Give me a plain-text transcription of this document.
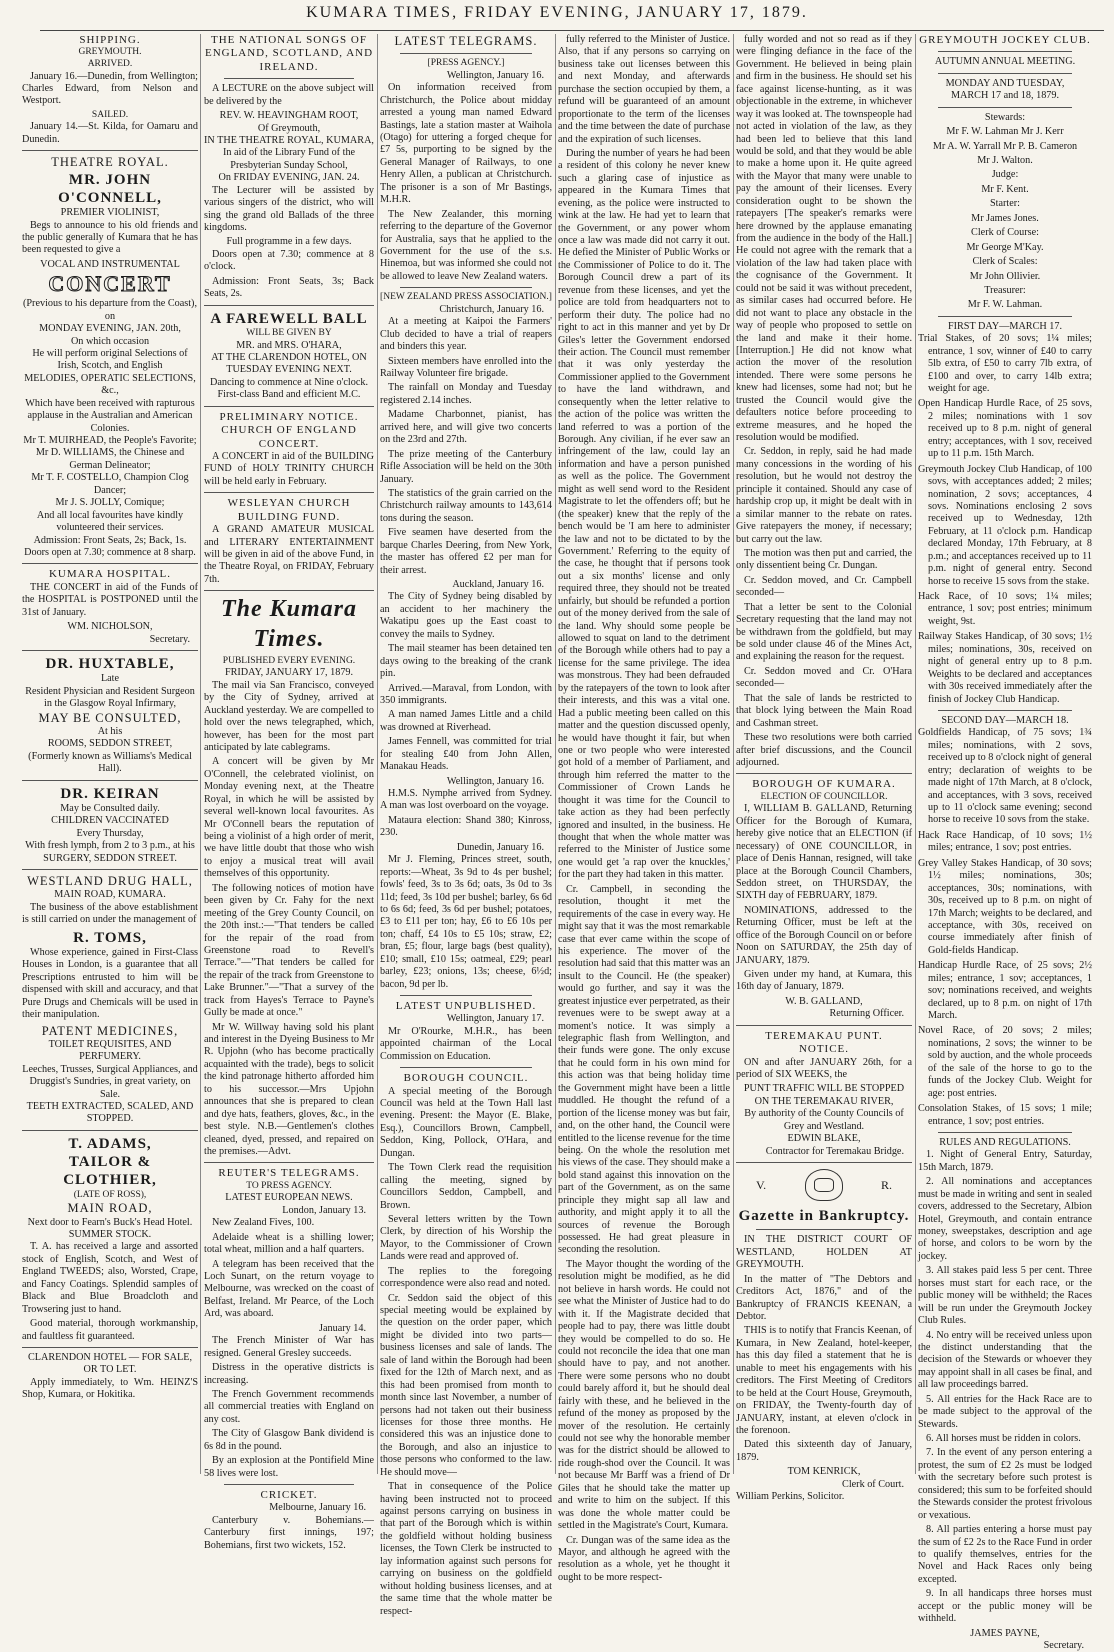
KUMARA TIMES, FRIDAY EVENING, JANUARY 17, 1879.
SHIPPING.
GREYMOUTH.
ARRIVED.

January 16.—Dunedin, from Wellington; Charles Edward, from Nelson and Westport.

SAILED.

January 14.—St. Kilda, for Oamaru and Dunedin.

THEATRE ROYAL.
MR. JOHN O'CONNELL,
PREMIER VIOLINIST,

Begs to announce to his old friends and the public generally of Kumara that he has been requested to give a

VOCAL AND INSTRUMENTAL
CONCERT
(Previous to his departure from the Coast), on
MONDAY EVENING, JAN. 20th,
On which occasion
He will perform original Selections of Irish, Scotch, and English
MELODIES, OPERATIC SELECTIONS, &c.,
Which have been received with rapturous applause in the Australian and American Colonies.
Mr T. MUIRHEAD, the People's Favorite;
Mr D. WILLIAMS, the Chinese and German Delineator;
Mr T. F. COSTELLO, Champion Clog Dancer;
Mr J. S. JOLLY, Comique;
And all local favourites have kindly volunteered their services.
Admission: Front Seats, 2s; Back, 1s.
Doors open at 7.30; commence at 8 sharp.
KUMARA HOSPITAL.

THE CONCERT in aid of the Funds of the HOSPITAL is POSTPONED until the 31st of January.

WM. NICHOLSON,
Secretary.
DR. HUXTABLE,
Late
Resident Physician and Resident Surgeon in the Glasgow Royal Infirmary,
MAY BE CONSULTED,
At his
ROOMS, SEDDON STREET,
(Formerly known as Williams's Medical Hall).
DR. KEIRAN
May be Consulted daily.
CHILDREN VACCINATED
Every Thursday,
With fresh lymph, from 2 to 3 p.m., at his
SURGERY, SEDDON STREET.
WESTLAND DRUG HALL,
MAIN ROAD, KUMARA.

The business of the above establishment is still carried on under the management of

R. TOMS,

Whose experience, gained in First-Class Houses in London, is a guarantee that all Prescriptions entrusted to him will be dispensed with skill and accuracy, and that Pure Drugs and Chemicals will be used in their manipulation.

PATENT MEDICINES,
TOILET REQUISITES, AND PERFUMERY.
Leeches, Trusses, Surgical Appliances, and Druggist's Sundries, in great variety, on Sale.
TEETH EXTRACTED, SCALED, AND STOPPED.
T. ADAMS,
TAILOR & CLOTHIER,
(LATE OF ROSS),
MAIN ROAD,
Next door to Fearn's Buck's Head Hotel.
SUMMER STOCK.

T. A. has received a large and assorted stock of English, Scotch, and West of England TWEEDS; also, Worsted, Crape, and Fancy Coatings. Splendid samples of Black and Blue Broadcloth and Trowsering just to hand.

Good material, thorough workmanship, and faultless fit guaranteed.

CLARENDON HOTEL — FOR SALE, OR TO LET.

Apply immediately, to Wm. HEINZ'S Shop, Kumara, or Hokitika.

THE NATIONAL SONGS OF ENGLAND, SCOTLAND, AND IRELAND.

A LECTURE on the above subject will be delivered by the

REV. W. HEAVINGHAM ROOT,
Of Greymouth,
IN THE THEATRE ROYAL, KUMARA,
In aid of the Library Fund of the Presbyterian Sunday School,
On FRIDAY EVENING, JAN. 24.

The Lecturer will be assisted by various singers of the district, who will sing the grand old Ballads of the three kingdoms.

Full programme in a few days.

Doors open at 7.30; commence at 8 o'clock.

Admission: Front Seats, 3s; Back Seats, 2s.

A FAREWELL BALL
WILL BE GIVEN BY
MR. and MRS. O'HARA,
AT THE CLARENDON HOTEL, ON
TUESDAY EVENING NEXT.
Dancing to commence at Nine o'clock.
First-class Band and efficient M.C.
PRELIMINARY NOTICE.
CHURCH OF ENGLAND CONCERT.

A CONCERT in aid of the BUILDING FUND of HOLY TRINITY CHURCH will be held early in February.

WESLEYAN CHURCH BUILDING FUND.

A GRAND AMATEUR MUSICAL and LITERARY ENTERTAINMENT will be given in aid of the above Fund, in the Theatre Royal, on FRIDAY, February 7th.

The Kumara Times.
PUBLISHED EVERY EVENING.
FRIDAY, JANUARY 17, 1879.

The mail via San Francisco, conveyed by the City of Sydney, arrived at Auckland yesterday. We are compelled to hold over the news telegraphed, which, however, has been for the most part anticipated by late cablegrams.

A concert will be given by Mr O'Connell, the celebrated violinist, on Monday evening next, at the Theatre Royal, in which he will be assisted by several well-known local favourites. As Mr O'Connell bears the reputation of being a violinist of a high order of merit, we have little doubt that those who wish to enjoy a musical treat will avail themselves of this opportunity.

The following notices of motion have been given by Cr. Fahy for the next meeting of the Grey County Council, on the 20th inst.:—"That tenders be called for the repair of the road from Greenstone road to Revell's Terrace."—"That tenders be called for the repair of the track from Greenstone to Lake Brunner."—"That a survey of the track from Hayes's Terrace to Payne's Gully be made at once."

Mr W. Willway having sold his plant and interest in the Dyeing Business to Mr R. Upjohn (who has become practically acquainted with the trade), begs to solicit the kind patronage hitherto afforded him to his successor.—Mrs Upjohn announces that she is prepared to clean and dye hats, feathers, gloves, &c., in the best style. N.B.—Gentlemen's clothes cleaned, dyed, pressed, and repaired on the premises.—Advt.

REUTER'S TELEGRAMS.
TO PRESS AGENCY.
LATEST EUROPEAN NEWS.
London, January 13.

New Zealand Fives, 100.

Adelaide wheat is a shilling lower; total wheat, million and a half quarters.

A telegram has been received that the Loch Sunart, on the return voyage to Melbourne, was wrecked on the coast of Belfast, Ireland. Mr Pearce, of the Loch Ard, was aboard.

January 14.

The French Minister of War has resigned. General Gresley succeeds.

Distress in the operative districts is increasing.

The French Government recommends all commercial treaties with England on any cost.

The City of Glasgow Bank dividend is 6s 8d in the pound.

By an explosion at the Pontifield Mine 58 lives were lost.

CRICKET.
Melbourne, January 16.

Canterbury v. Bohemians.—Canterbury first innings, 197; Bohemians, first two wickets, 152.

LATEST TELEGRAMS.
[PRESS AGENCY.]
Wellington, January 16.

On information received from Christchurch, the Police about midday arrested a young man named Edward Bastings, late a station master at Waihola (Otago) for uttering a forged cheque for £7 5s, purporting to be signed by the General Manager of Railways, to one Henry Allen, a publican at Christchurch. The prisoner is a son of Mr Bastings, M.H.R.

The New Zealander, this morning referring to the departure of the Governor for Australia, says that he applied to the Government for the use of the s.s. Hinemoa, but was informed she could not be allowed to leave New Zealand waters.

[NEW ZEALAND PRESS ASSOCIATION.]
Christchurch, January 16.

At a meeting at Kaipoi the Farmers' Club decided to have a trial of reapers and binders this year.

Sixteen members have enrolled into the Railway Volunteer fire brigade.

The rainfall on Monday and Tuesday registered 2.14 inches.

Madame Charbonnet, pianist, has arrived here, and will give two concerts on the 23rd and 27th.

The prize meeting of the Canterbury Rifle Association will be held on the 30th January.

The statistics of the grain carried on the Christchurch railway amounts to 143,614 tons during the season.

Five seamen have deserted from the barque Charles Deering, from New York, the master has offered £2 per man for their arrest.

Auckland, January 16.

The City of Sydney being disabled by an accident to her machinery the Wakatipu goes up the East coast to convey the mails to Sydney.

The mail steamer has been detained ten days owing to the breaking of the crank pin.

Arrived.—Maraval, from London, with 350 immigrants.

A man named James Little and a child was drowned at Riverhead.

James Fennell, was committed for trial for stealing £40 from John Allen, Manakau Heads.

Wellington, January 16.

H.M.S. Nymphe arrived from Sydney. A man was lost overboard on the voyage.

Mataura election: Shand 380; Kinross, 230.

Dunedin, January 16.

Mr J. Fleming, Princes street, south, reports:—Wheat, 3s 9d to 4s per bushel; fowls' feed, 3s to 3s 6d; oats, 3s 0d to 3s 11d; feed, 3s 10d per bushel; barley, 6s 6d to 6s 6d; feed, 3s 6d per bushel; potatoes, £3 to £11 per ton; hay, £6 to £6 10s per ton; chaff, £4 10s to £5 10s; straw, £2; bran, £5; flour, large bags (best quality), £10; small, £10 15s; oatmeal, £29; pearl barley, £23; onions, 13s; cheese, 6½d; bacon, 9d per lb.

LATEST UNPUBLISHED.
Wellington, January 17.

Mr O'Rourke, M.H.R., has been appointed chairman of the Local Commission on Education.

BOROUGH COUNCIL.

A special meeting of the Borough Council was held at the Town Hall last evening. Present: the Mayor (E. Blake, Esq.), Councillors Brown, Campbell, Seddon, King, Pollock, O'Hara, and Dungan.

The Town Clerk read the requisition calling the meeting, signed by Councillors Seddon, Campbell, and Brown.

Several letters written by the Town Clerk, by direction of his Worship the Mayor, to the Commissioner of Crown Lands were read and approved of.

The replies to the foregoing correspondence were also read and noted.

Cr. Seddon said the object of this special meeting would be explained by the question on the order paper, which might be divided into two parts—business licenses and sale of lands. The sale of land within the Borough had been fixed for the 12th of March next, and as this had been promised from month to month since last November, a number of persons had not taken out their business licenses for those three months. He considered this was an injustice done to the Borough, and also an injustice to those persons who conformed to the law. He should move—

That in consequence of the Police having been instructed not to proceed against persons carrying on business in that part of the Borough which is within the goldfield without holding business licenses, the Town Clerk be instructed to lay information against such persons for carrying on business on the goldfield without holding business licenses, and at the same time that the whole matter be respect-

fully referred to the Minister of Justice. Also, that if any persons so carrying on business take out licenses between this and next Monday, and afterwards purchase the section occupied by them, a refund will be guaranteed of an amount proportionate to the term of the licenses and the time between the date of purchase and the expiration of such licenses.

During the number of years he had been a resident of this colony he never knew such a glaring case of injustice as appeared in the Kumara Times that evening, as the police were instructed to wink at the law. He had yet to learn that the Government, or any power whom once a law was made did not carry it out. He defied the Minister of Public Works or the Commissioner of Police to do it. The Borough Council drew a part of its revenue from these licenses, and yet the police are told from headquarters not to perform their duty. The police had no right to act in this manner and yet by Dr Giles's letter the Government endorsed their action. The Council must remember that it was only yesterday the Commissioner applied to the Government to have the land withdrawn, and consequently when the letter relative to the action of the police was written the land referred to was a portion of the Borough. Any civilian, if he ever saw an infringement of the law, could lay an information and have a person punished as well as the police. The Government might as well send word to the Resident Magistrate to let the offenders off; but he (the speaker) knew that the reply of the bench would be 'I am here to administer the law and not to be dictated to by the Government.' Referring to the equity of the case, he thought that if persons took out a six months' license and only required three, they should not be treated unfairly, but should be refunded a portion out of the money derived from the sale of the land. Why should some people be allowed to squat on land to the detriment of the Borough while others had to pay a license for the same privilege. The idea was monstrous. They had been defrauded by the ratepayers of the town to look after their interests, and this was a vital one. Had a public meeting been called on this matter and the question discussed openly, he would have thought it fair, but when one or two people who were interested got hold of a member of Parliament, and through him referred the matter to the Commissioner of Crown Lands he thought it was time for the Council to take action as they had been perfectly ignored and insulted, in the business. He thought that when the whole matter was referred to the Minister of Justice some one would get 'a rap over the knuckles,' for the part they had taken in this matter.

Cr. Campbell, in seconding the resolution, thought it met the requirements of the case in every way. He might say that it was the most remarkable case that ever came within the scope of his experience. The mover of the resolution had said that this matter was an insult to the Council. He (the speaker) would go further, and say it was the greatest injustice ever perpetrated, as their revenues were to be swept away at a moment's notice. It was simply a telegraphic flash from Wellington, and their funds were gone. The only excuse that he could form in his own mind for this action was that being holiday time the Government might have been a little muddled. He thought the refund of a portion of the license money was but fair, and, on the other hand, the Council were entitled to the license revenue for the time being. On the whole the resolution met his views of the case. They should make a bold stand against this innovation on the part of the Government, as on the same principle they might sap all law and authority, and might apply it to all the sources of revenue the Borough possessed. He had great pleasure in seconding the resolution.

The Mayor thought the wording of the resolution might be modified, as he did not believe in harsh words. He could not see what the Minister of Justice had to do with it. If the Magistrate decided that people had to pay, there was little doubt they would be compelled to do so. He could not reconcile the idea that one man should have to pay, and not another. There were some persons who no doubt could barely afford it, but he should deal fairly with these, and he believed in the refund of the money as proposed by the mover of the resolution. He certainly could not see why the honorable member was for the district should be allowed to ride rough-shod over the Council. It was not because Mr Barff was a friend of Dr Giles that he should take the matter up and write to him on the subject. If this was done the whole matter could be settled in the Magistrate's Court, Kumara.

Cr. Dungan was of the same idea as the Mayor, and although he agreed with the resolution as a whole, yet he thought it ought to be more respect-

fully worded and not so read as if they were flinging defiance in the face of the Government. He believed in being plain and firm in the business. He should set his face against license-hunting, as it was objectionable in the extreme, in whichever way it was looked at. The townspeople had not acted in violation of the law, as they had been led to believe that this land would be sold, and that they would be able to make a home upon it. He quite agreed with the Mayor that many were unable to pay the amount of their licenses. Every consideration ought to be shown the ratepayers [The speaker's remarks were here drowned by the applause emanating from the audience in the body of the Hall.] He could not agree with the remark that a violation of the law had taken place with the cognisance of the Government. It could not be said it was without precedent, as similar cases had occurred before. He did not want to place any obstacle in the way of people who proposed to settle on the land and make it their home. [Interruption.] He did not know what action the mover of the resolution intended. There were some persons he knew had licenses, some had not; but he trusted the Council would give the defaulters notice before proceeding to extreme measures, and he hoped the resolution would be modified.

Cr. Seddon, in reply, said he had made many concessions in the wording of his resolution, but he would not destroy the principle it contained. Should any case of hardship crop up, it might be dealt with in a similar manner to the rebate on rates. Give ratepayers the money, if necessary; but carry out the law.

The motion was then put and carried, the only dissentient being Cr. Dungan.

Cr. Seddon moved, and Cr. Campbell seconded—

That a letter be sent to the Colonial Secretary requesting that the land may not be withdrawn from the goldfield, but may be sold under clause 46 of the Mines Act, and explaining the reason for the request.

Cr. Seddon moved and Cr. O'Hara seconded—

That the sale of lands be restricted to that block lying between the Main Road and Cashman street.

These two resolutions were both carried after brief discussions, and the Council adjourned.

BOROUGH OF KUMARA.
ELECTION OF COUNCILLOR.

I, WILLIAM B. GALLAND, Returning Officer for the Borough of Kumara, hereby give notice that an ELECTION (if necessary) of ONE COUNCILLOR, in place of Denis Hannan, resigned, will take place at the Borough Council Chambers, Seddon street, on THURSDAY, the SIXTH day of FEBRUARY, 1879.

NOMINATIONS, addressed to the Returning Officer, must be left at the office of the Borough Council on or before Noon on SATURDAY, the 25th day of JANUARY, 1879.

Given under my hand, at Kumara, this 16th day of January, 1879.

W. B. GALLAND,
Returning Officer.
TEREMAKAU PUNT.
NOTICE.

ON and after JANUARY 26th, for a period of SIX WEEKS, the

PUNT TRAFFIC WILL BE STOPPED
ON THE TEREMAKAU RIVER,
By authority of the County Councils of Grey and Westland.
EDWIN BLAKE,
Contractor for Teremakau Bridge.
V.	R.
Gazette in Bankruptcy.

IN THE DISTRICT COURT OF WESTLAND, HOLDEN AT GREYMOUTH.

In the matter of "The Debtors and Creditors Act, 1876," and of the Bankruptcy of FRANCIS KEENAN, a Debtor.

THIS is to notify that Francis Keenan, of Kumara, in New Zealand, hotel-keeper, has this day filed a statement that he is unable to meet his engagements with his creditors. The First Meeting of Creditors to be held at the Court House, Greymouth, on FRIDAY, the Twenty-fourth day of JANUARY, instant, at eleven o'clock in the forenoon.

Dated this sixteenth day of January, 1879.

TOM KENRICK,
Clerk of Court.
William Perkins, Solicitor.
GREYMOUTH JOCKEY CLUB.
AUTUMN ANNUAL MEETING.
MONDAY AND TUESDAY,
MARCH 17 and 18, 1879.
Stewards:
Mr F. W. Lahman Mr J. Kerr
Mr A. W. Yarrall Mr P. B. Cameron
Mr J. Walton.
Judge:
Mr F. Kent.
Starter:
Mr James Jones.
Clerk of Course:
Mr George M'Kay.
Clerk of Scales:
Mr John Ollivier.
Treasurer:
Mr F. W. Lahman.
FIRST DAY—MARCH 17.

Trial Stakes, of 20 sovs; 1¼ miles; entrance, 1 sov, winner of £40 to carry 5lb extra, of £50 to carry 7lb extra, of £100 and over, to carry 14lb extra; weight for age.

Open Handicap Hurdle Race, of 25 sovs, 2 miles; nominations with 1 sov received up to 8 p.m. night of general entry; acceptances, with 1 sov, received up to 11 p.m. 15th March.

Greymouth Jockey Club Handicap, of 100 sovs, with acceptances added; 2 miles; nomination, 2 sovs; acceptances, 4 sovs. Nominations enclosing 2 sovs received up to Wednesday, 12th February, at 11 o'clock p.m. Handicap declared Monday, 17th February, at 8 p.m.; and acceptances received up to 11 p.m. night of general entry. Second horse to receive 15 sovs from the stake.

Hack Race, of 10 sovs; 1¼ miles; entrance, 1 sov; post entries; minimum weight, 9st.

Railway Stakes Handicap, of 30 sovs; 1½ miles; nominations, 30s, received on night of general entry up to 8 p.m. Weights to be declared and acceptances with 30s received immediately after the finish of Jockey Club Handicap.

SECOND DAY—MARCH 18.

Goldfields Handicap, of 75 sovs; 1¾ miles; nominations, with 2 sovs, received up to 8 o'clock night of general entry; declaration of weights to be made night of 17th March, at 8 o'clock, and acceptances, with 3 sovs, received up to 11 o'clock same evening; second horse to receive 10 sovs from the stake.

Hack Race Handicap, of 10 sovs; 1½ miles; entrance, 1 sov; post entries.

Grey Valley Stakes Handicap, of 30 sovs; 1½ miles; nominations, 30s; acceptances, 30s; nominations, with 30s, received up to 8 p.m. on night of 17th March; weights to be declared, and acceptance, with 30s, received on course immediately after finish of Gold-fields Handicap.

Handicap Hurdle Race, of 25 sovs; 2½ miles; entrance, 1 sov; acceptances, 1 sov; nominations received, and weights declared, up to 8 p.m. on night of 17th March.

Novel Race, of 20 sovs; 2 miles; nominations, 2 sovs; the winner to be sold by auction, and the whole proceeds of the sale of the horse to go to the funds of the Jockey Club. Weight for age: post entries.

Consolation Stakes, of 15 sovs; 1 mile; entrance, 1 sov; post entries.

RULES AND REGULATIONS.

1. Night of General Entry, Saturday, 15th March, 1879.

2. All nominations and acceptances must be made in writing and sent in sealed covers, addressed to the Secretary, Albion Hotel, Greymouth, and contain entrance money, sweepstakes, description and age of horse, and colors to be worn by the jockey.

3. All stakes paid less 5 per cent. Three horses must start for each race, or the public money will be withheld; the Races will be run under the Greymouth Jockey Club Rules.

4. No entry will be received unless upon the distinct understanding that the decision of the Stewards or whoever they may appoint shall in all cases be final, and all law proceedings barred.

5. All entries for the Hack Race are to be made subject to the approval of the Stewards.

6. All horses must be ridden in colors.

7. In the event of any person entering a protest, the sum of £2 2s must be lodged with the secretary before such protest is considered; this sum to be forfeited should the Stewards consider the protest frivolous or vexatious.

8. All parties entering a horse must pay the sum of £2 2s to the Race Fund in order to qualify themselves, entries for the Novel and Hack Races only being excepted.

9. In all handicaps three horses must accept or the public money will be withheld.

JAMES PAYNE,
Secretary.
